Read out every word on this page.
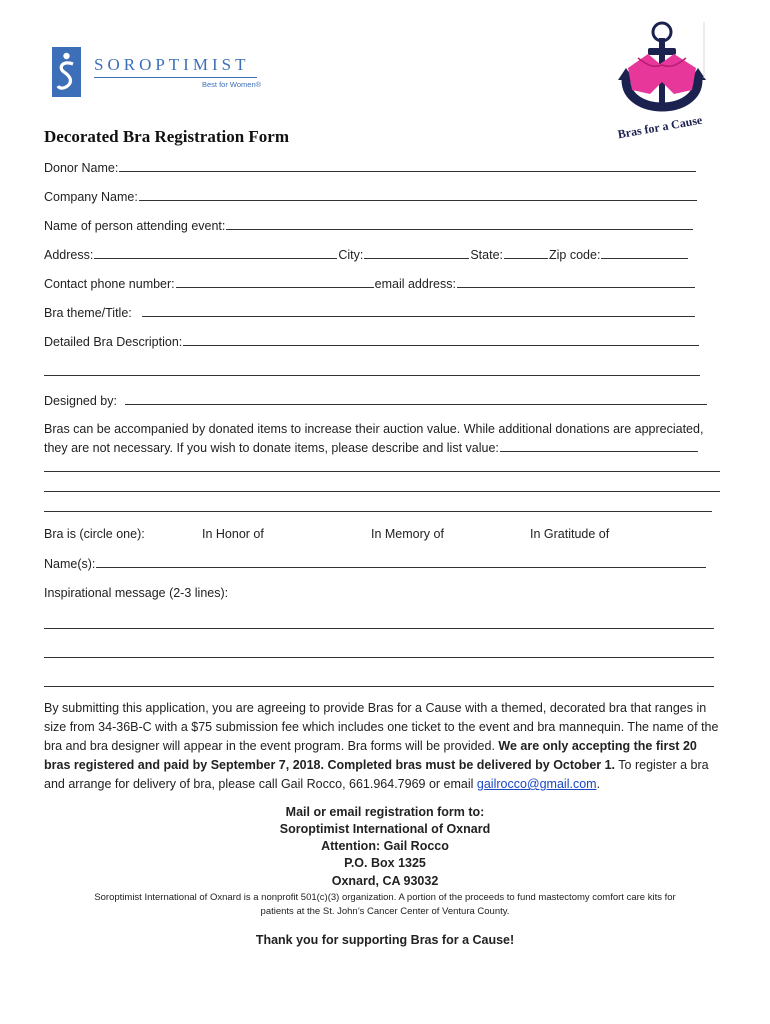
SOROPTIMIST
Best for Women®
Bras for a Cause
Decorated Bra Registration Form
Donor Name:
Company Name:
Name of person attending event:
Address:	City:	State:	Zip code:
Contact phone number:	email address:
Bra theme/Title:
Detailed Bra Description:
Designed by:
Bras can be accompanied by donated items to increase their auction value. While additional donations are appreciated,
they are not necessary. If you wish to donate items, please describe and list value:
Bra is (circle one):	In Honor of	In Memory of	In Gratitude of
Name(s):
Inspirational message (2-3 lines):
By submitting this application, you are agreeing to provide Bras for a Cause with a themed, decorated bra that ranges in size from 34-36B-C with a $75 submission fee which includes one ticket to the event and bra mannequin. The name of the bra and bra designer will appear in the event program. Bra forms will be provided. We are only accepting the first 20 bras registered and paid by September 7, 2018. Completed bras must be delivered by October 1. To register a bra and arrange for delivery of bra, please call Gail Rocco, 661.964.7969 or email gailrocco@gmail.com.
Mail or email registration form to:
Soroptimist International of Oxnard
Attention: Gail Rocco
P.O. Box 1325
Oxnard, CA 93032
Soroptimist International of Oxnard is a nonprofit 501(c)(3) organization. A portion of the proceeds to fund mastectomy comfort care kits for
patients at the St. John’s Cancer Center of Ventura County.
Thank you for supporting Bras for a Cause!
